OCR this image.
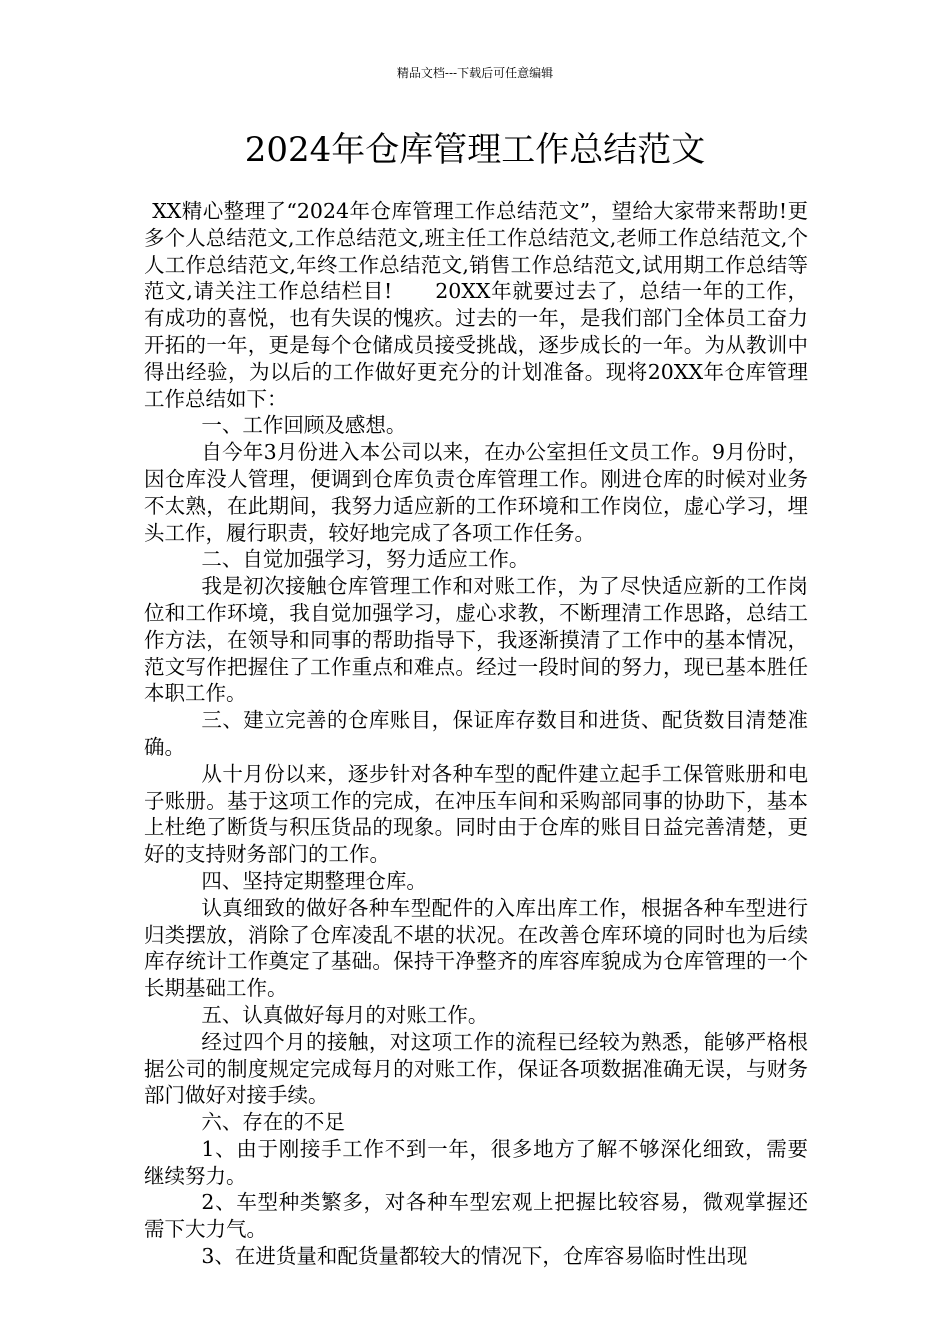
精品文档---下载后可任意编辑
2024年仓库管理工作总结范文

XX精心整理了“2024年仓库管理工作总结范文”，望给大家带来帮助!更多个人总结范文,工作总结范文,班主任工作总结范文,老师工作总结范文,个人工作总结范文,年终工作总结范文,销售工作总结范文,试用期工作总结等范文,请关注工作总结栏目!　　20XX年就要过去了，总结一年的工作，有成功的喜悦，也有失误的愧疚。过去的一年，是我们部门全体员工奋力开拓的一年，更是每个仓储成员接受挑战，逐步成长的一年。为从教训中得出经验，为以后的工作做好更充分的计划准备。现将20XX年仓库管理工作总结如下：

一、工作回顾及感想。

自今年3月份进入本公司以来，在办公室担任文员工作。9月份时，因仓库没人管理，便调到仓库负责仓库管理工作。刚进仓库的时候对业务不太熟，在此期间，我努力适应新的工作环境和工作岗位，虚心学习，埋头工作，履行职责，较好地完成了各项工作任务。

二、自觉加强学习，努力适应工作。

我是初次接触仓库管理工作和对账工作，为了尽快适应新的工作岗位和工作环境，我自觉加强学习，虚心求教，不断理清工作思路，总结工作方法，在领导和同事的帮助指导下，我逐渐摸清了工作中的基本情况，范文写作把握住了工作重点和难点。经过一段时间的努力，现已基本胜任本职工作。

三、建立完善的仓库账目，保证库存数目和进货、配货数目清楚准确。

从十月份以来，逐步针对各种车型的配件建立起手工保管账册和电子账册。基于这项工作的完成，在冲压车间和采购部同事的协助下，基本上杜绝了断货与积压货品的现象。同时由于仓库的账目日益完善清楚，更好的支持财务部门的工作。

四、坚持定期整理仓库。

认真细致的做好各种车型配件的入库出库工作，根据各种车型进行归类摆放，消除了仓库凌乱不堪的状况。在改善仓库环境的同时也为后续库存统计工作奠定了基础。保持干净整齐的库容库貌成为仓库管理的一个长期基础工作。

五、认真做好每月的对账工作。

经过四个月的接触，对这项工作的流程已经较为熟悉，能够严格根据公司的制度规定完成每月的对账工作，保证各项数据准确无误，与财务部门做好对接手续。

六、存在的不足

1、由于刚接手工作不到一年，很多地方了解不够深化细致，需要继续努力。

2、车型种类繁多，对各种车型宏观上把握比较容易，微观掌握还需下大力气。

3、在进货量和配货量都较大的情况下，仓库容易临时性出现
